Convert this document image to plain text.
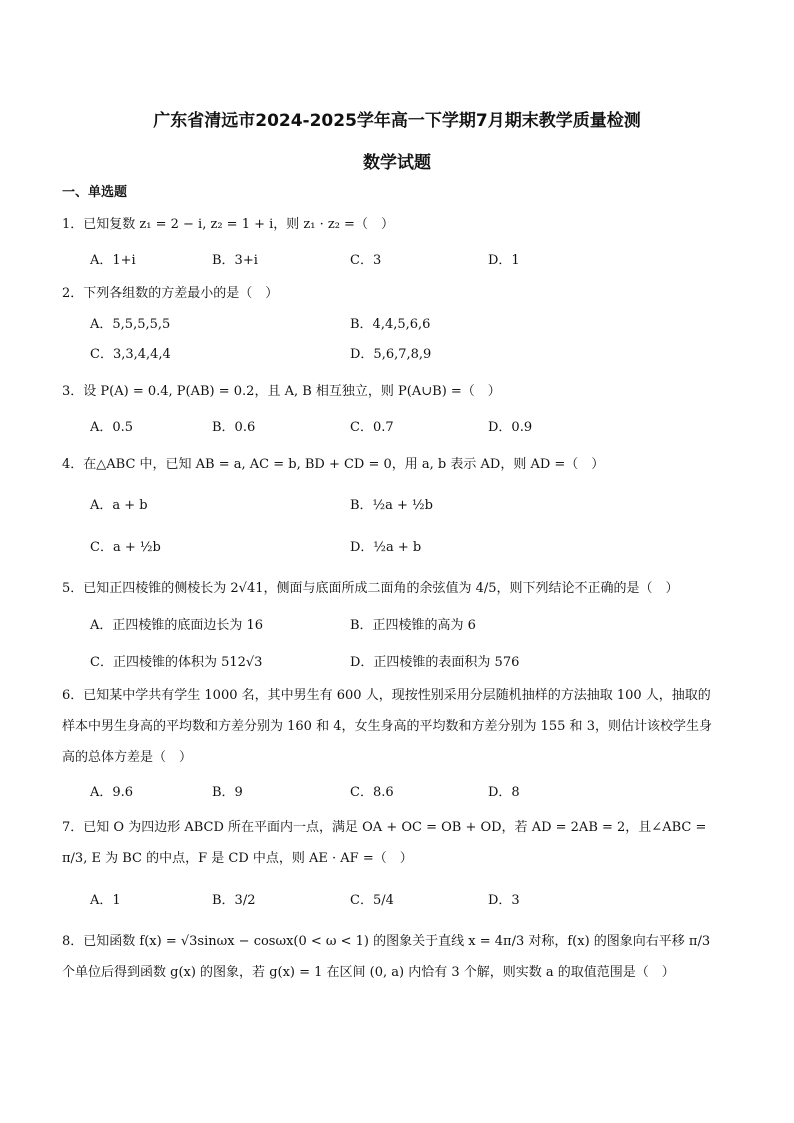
广东省清远市2024-2025学年高一下学期7月期末教学质量检测
数学试题
一、单选题
1．已知复数 z₁ = 2 − i, z₂ = 1 + i，则 z₁ · z₂ =（　）
A．1+i	B．3+i	C．3	D．1
2．下列各组数的方差最小的是（　）
A．5,5,5,5,5	B．4,4,5,6,6
C．3,3,4,4,4	D．5,6,7,8,9
3．设 P(A) = 0.4, P(AB) = 0.2，且 A, B 相互独立，则 P(A∪B) =（　）
A．0.5	B．0.6	C．0.7	D．0.9
4．在△ABC 中，已知 AB = a, AC = b, BD + CD = 0，用 a, b 表示 AD，则 AD =（　）
A．a + b	B．½a + ½b
C．a + ½b	D．½a + b
5．已知正四棱锥的侧棱长为 2√41，侧面与底面所成二面角的余弦值为 4/5，则下列结论不正确的是（　）
A．正四棱锥的底面边长为 16	B．正四棱锥的高为 6
C．正四棱锥的体积为 512√3	D．正四棱锥的表面积为 576
6．已知某中学共有学生 1000 名，其中男生有 600 人，现按性别采用分层随机抽样的方法抽取 100 人，抽取的样本中男生身高的平均数和方差分别为 160 和 4，女生身高的平均数和方差分别为 155 和 3，则估计该校学生身高的总体方差是（　）
A．9.6	B．9	C．8.6	D．8
7．已知 O 为四边形 ABCD 所在平面内一点，满足 OA + OC = OB + OD，若 AD = 2AB = 2，且∠ABC = π/3, E 为 BC 的中点，F 是 CD 中点，则 AE · AF =（　）
A．1	B．3/2	C．5/4	D．3
8．已知函数 f(x) = √3sinωx − cosωx(0 < ω < 1) 的图象关于直线 x = 4π/3 对称，f(x) 的图象向右平移 π/3 个单位后得到函数 g(x) 的图象，若 g(x) = 1 在区间 (0, a) 内恰有 3 个解，则实数 a 的取值范围是（　）
